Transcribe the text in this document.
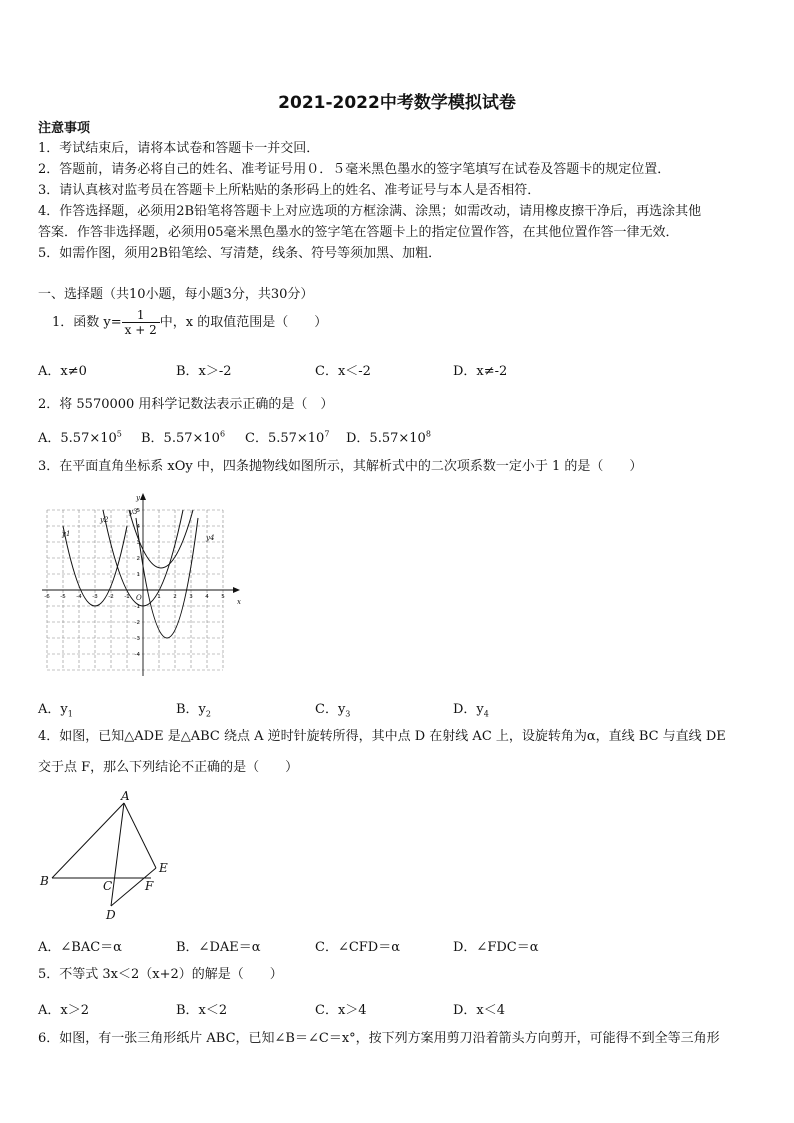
2021-2022中考数学模拟试卷
注意事项
1．考试结束后，请将本试卷和答题卡一并交回．
2．答题前，请务必将自己的姓名、准考证号用０．５毫米黑色墨水的签字笔填写在试卷及答题卡的规定位置．
3．请认真核对监考员在答题卡上所粘贴的条形码上的姓名、准考证号与本人是否相符．
4．作答选择题，必须用2B铅笔将答题卡上对应选项的方框涂满、涂黑；如需改动，请用橡皮擦干净后，再选涂其他
答案．作答非选择题，必须用05毫米黑色墨水的签字笔在答题卡上的指定位置作答，在其他位置作答一律无效．
5．如需作图，须用2B铅笔绘、写清楚，线条、符号等须加黑、加粗．
一、选择题（共10小题，每小题3分，共30分）
1．函数 $y= \frac{1}{x + 2}$ 中，x 的取值范围是（　　）
A．x≠0	B．x＞-2	C．x＜-2	D．x≠-2
2．将 5570000 用科学记数法表示正确的是（　）
A．$5.57\times 10^5$ B．$5.57\times 10^6$ C．$5.57\times 10^7$ D．$5.57\times 10^8$
3．在平面直角坐标系 xOy 中，四条抛物线如图所示，其解析式中的二次项系数一定小于 1 的是（　　）
x
y
O
y1
y2
y3
y4
-6 -5 -4 -3 -2 -1	1 2 3 4 5
5
4
3
2
1
-1
-2
-3
-4
A．$y_1$	B．$y_2$	C．$y_3$	D．$y_4$
4．如图，已知△ADE 是△ABC 绕点 A 逆时针旋转所得，其中点 D 在射线 AC 上，设旋转角为α，直线 BC 与直线 DE
交于点 F，那么下列结论不正确的是（　　）
A
B	C
D
E
F
A．∠BAC＝α	B．∠DAE＝α	C．∠CFD＝α	D．∠FDC＝α
5．不等式 3x＜2（x+2）的解是（　　）
A．x＞2	B．x＜2	C．x＞4	D．x＜4
6．如图，有一张三角形纸片 ABC，已知∠B＝∠C＝x°，按下列方案用剪刀沿着箭头方向剪开，可能得不到全等三角形
